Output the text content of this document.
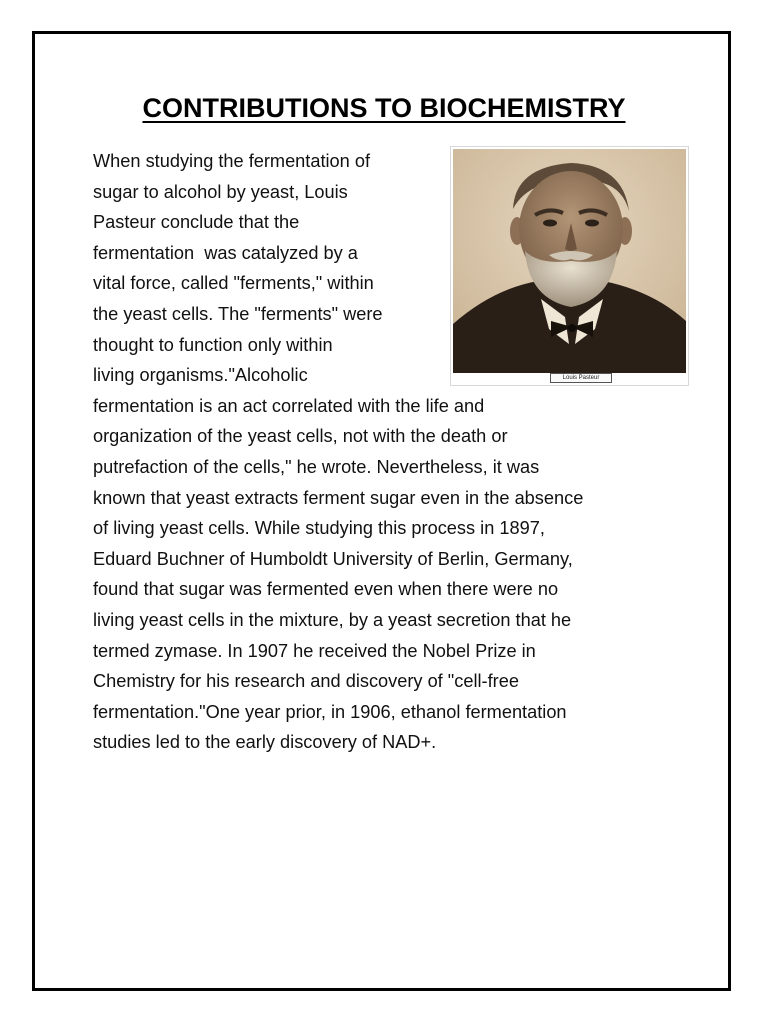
CONTRIBUTIONS TO BIOCHEMISTRY
Louis Pasteur
When studying the fermentation of
sugar to alcohol by yeast, Louis
Pasteur conclude that the
fermentation  was catalyzed by a
vital force, called "ferments," within
the yeast cells. The "ferments" were
thought to function only within
living organisms."Alcoholic
fermentation is an act correlated with the life and
organization of the yeast cells, not with the death or
putrefaction of the cells," he wrote. Nevertheless, it was
known that yeast extracts ferment sugar even in the absence
of living yeast cells. While studying this process in 1897,
Eduard Buchner of Humboldt University of Berlin, Germany,
found that sugar was fermented even when there were no
living yeast cells in the mixture, by a yeast secretion that he
termed zymase. In 1907 he received the Nobel Prize in
Chemistry for his research and discovery of "cell-free
fermentation."One year prior, in 1906, ethanol fermentation
studies led to the early discovery of NAD+.
